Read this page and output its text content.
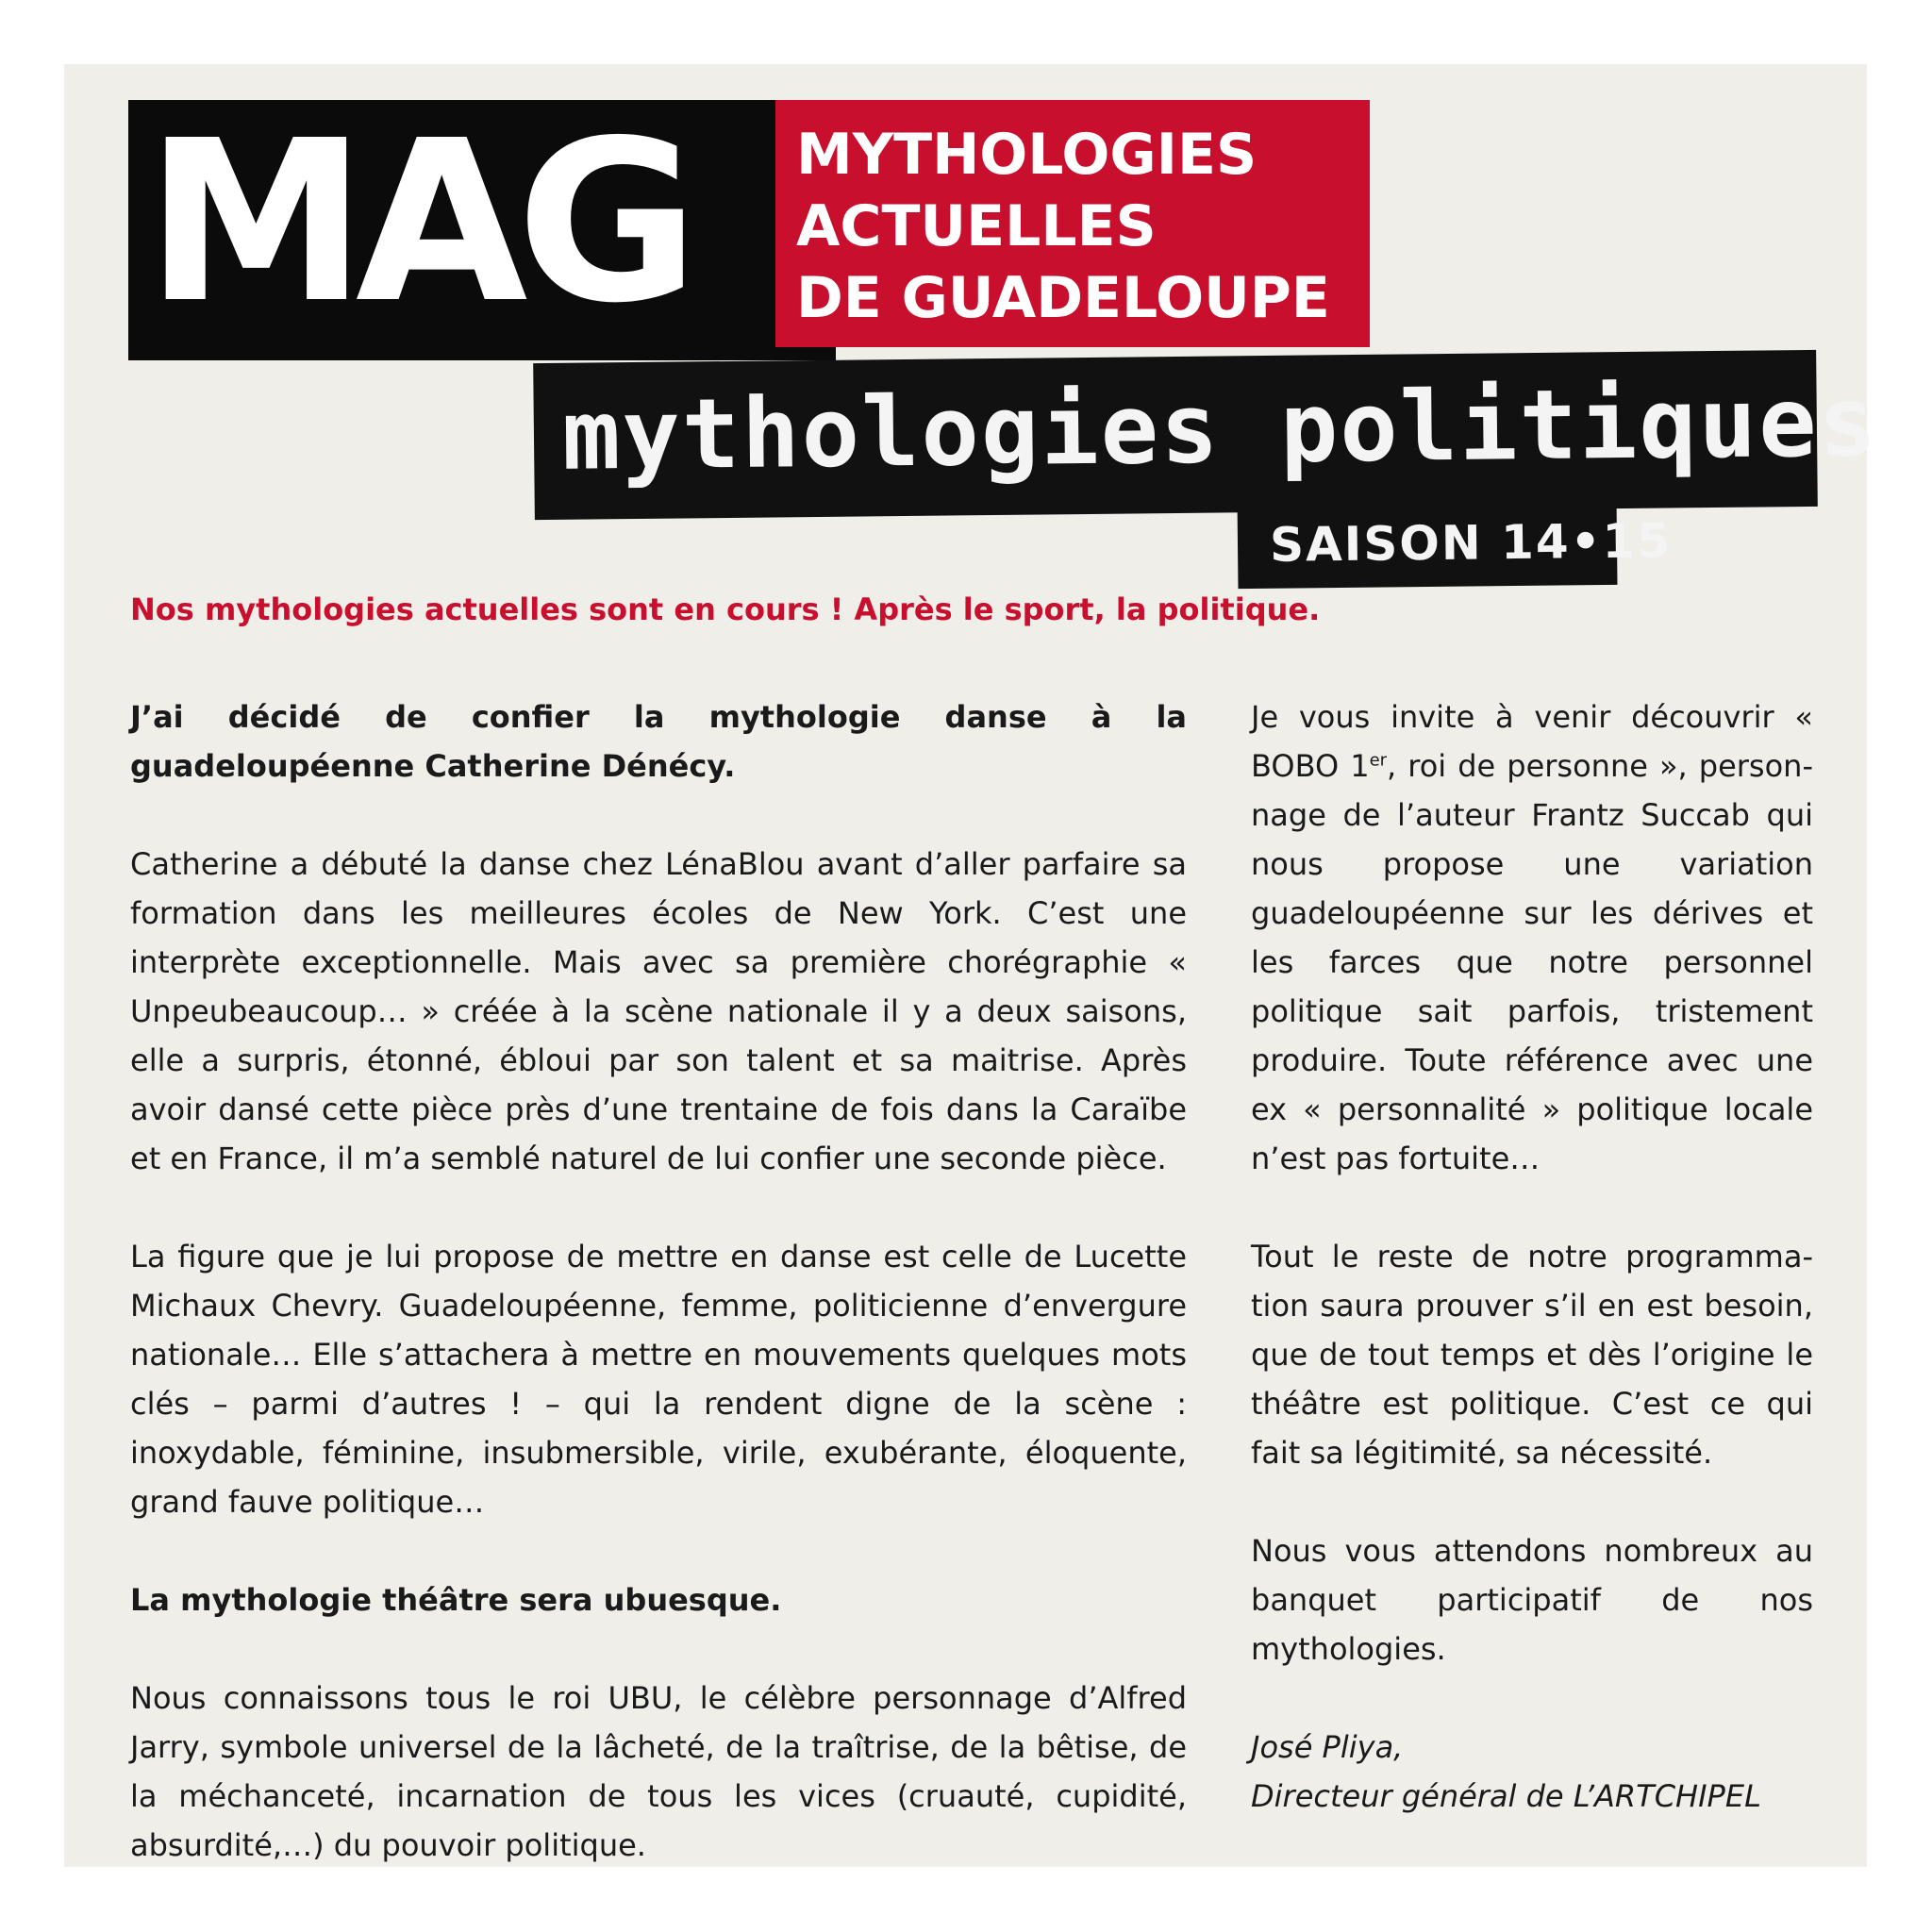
MAG MYTHOLOGIES
ACTUELLES
DE GUADELOUPE
mythologies politiques
SAISON 14•15
Nos mythologies actuelles sont en cours ! Après le sport, la politique.

J’ai décidé de confier la mythologie danse à la guadeloupéenne Catherine Dénécy.

Catherine a débuté la danse chez LénaBlou avant d’aller parfaire sa formation dans les meilleures écoles de New York. C’est une interprète exceptionnelle. Mais avec sa première chorégraphie « Unpeubeaucoup… » créée à la scène nationale il y a deux saisons, elle a surpris, étonné, ébloui par son talent et sa maitrise. Après avoir dansé cette pièce près d’une trentaine de fois dans la Caraïbe et en France, il m’a semblé naturel de lui confier une seconde pièce.

La figure que je lui propose de mettre en danse est celle de Lucette Michaux Chevry. Guadeloupéenne, femme, politicienne d’envergure nationale… Elle s’attachera à mettre en mouvements quelques mots clés – parmi d’autres ! – qui la rendent digne de la scène : inoxydable, féminine, insubmersible, virile, exubérante, éloquente, grand fauve politique…

La mythologie théâtre sera ubuesque.

Nous connaissons tous le roi UBU, le célèbre personnage d’Alfred Jarry, symbole universel de la lâcheté, de la traîtrise, de la bêtise, de la méchanceté, incarnation de tous les vices (cruauté, cupidité, absurdité,…) du pouvoir politique.

Je vous invite à venir découvrir « BOBO 1er, roi de personne », personnage de l’auteur Frantz Succab qui nous propose une variation guadeloupéenne sur les dérives et les farces que notre personnel politique sait parfois, tristement produire. Toute référence avec une ex « personnalité » politique locale n’est pas fortuite…

Tout le reste de notre programmation saura prouver s’il en est besoin, que de tout temps et dès l’origine le théâtre est politique. C’est ce qui fait sa légitimité, sa nécessité.

Nous vous attendons nombreux au banquet participatif de nos mythologies.

José Pliya,
Directeur général de L’ARTCHIPEL
